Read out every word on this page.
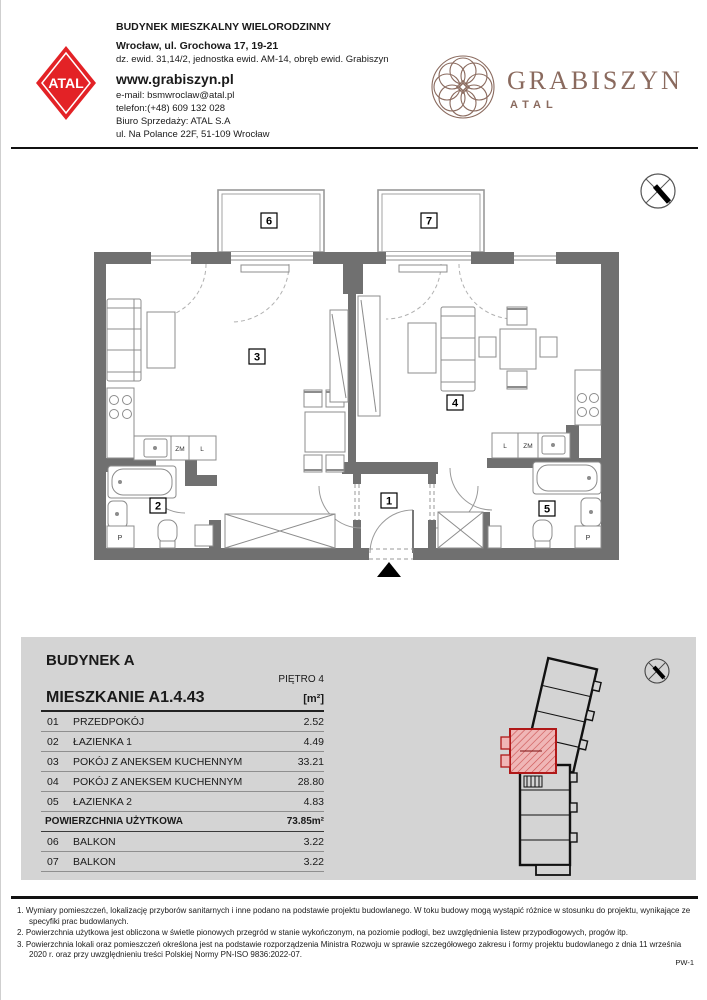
ATAL
BUDYNEK MIESZKALNY WIELORODZINNY
Wrocław, ul. Grochowa 17, 19-21
dz. ewid. 31,14/2, jednostka ewid. AM-14, obręb ewid. Grabiszyn
www.grabiszyn.pl
e-mail: bsmwroclaw@atal.pl
telefon:(+48) 609 132 028
Biuro Sprzedaży: ATAL S.A
ul. Na Polance 22F, 51-109 Wrocław
GRABISZYN
ATAL
ZM L	L	ZM
P	P
1
2
3
4
5
6	7
BUDYNEK A
PIĘTRO 4
MIESZKANIE A1.4.43	[m²]
01	PRZEDPOKÓJ	2.52
02	ŁAZIENKA 1	4.49
03	POKÓJ Z ANEKSEM KUCHENNYM	33.21
04	POKÓJ Z ANEKSEM KUCHENNYM	28.80
05	ŁAZIENKA 2	4.83
POWIERZCHNIA UŻYTKOWA	73.85m²
06	BALKON	3.22
07	BALKON	3.22
1. Wymiary pomieszczeń, lokalizację przyborów sanitarnych i inne podano na podstawie projektu budowlanego. W toku budowy mogą wystąpić różnice w stosunku do projektu, wynikające ze specyfiki prac budowlanych.
2. Powierzchnia użytkowa jest obliczona w świetle pionowych przegród w stanie wykończonym, na poziomie podłogi, bez uwzględnienia listew przypodłogowych, progów itp.
3. Powierzchnia lokali oraz pomieszczeń określona jest na podstawie rozporządzenia Ministra Rozwoju w sprawie szczegółowego zakresu i formy projektu budowlanego z dnia 11 września 2020 r. oraz przy uwzględnieniu treści Polskiej Normy PN-ISO 9836:2022-07.
PW-1
